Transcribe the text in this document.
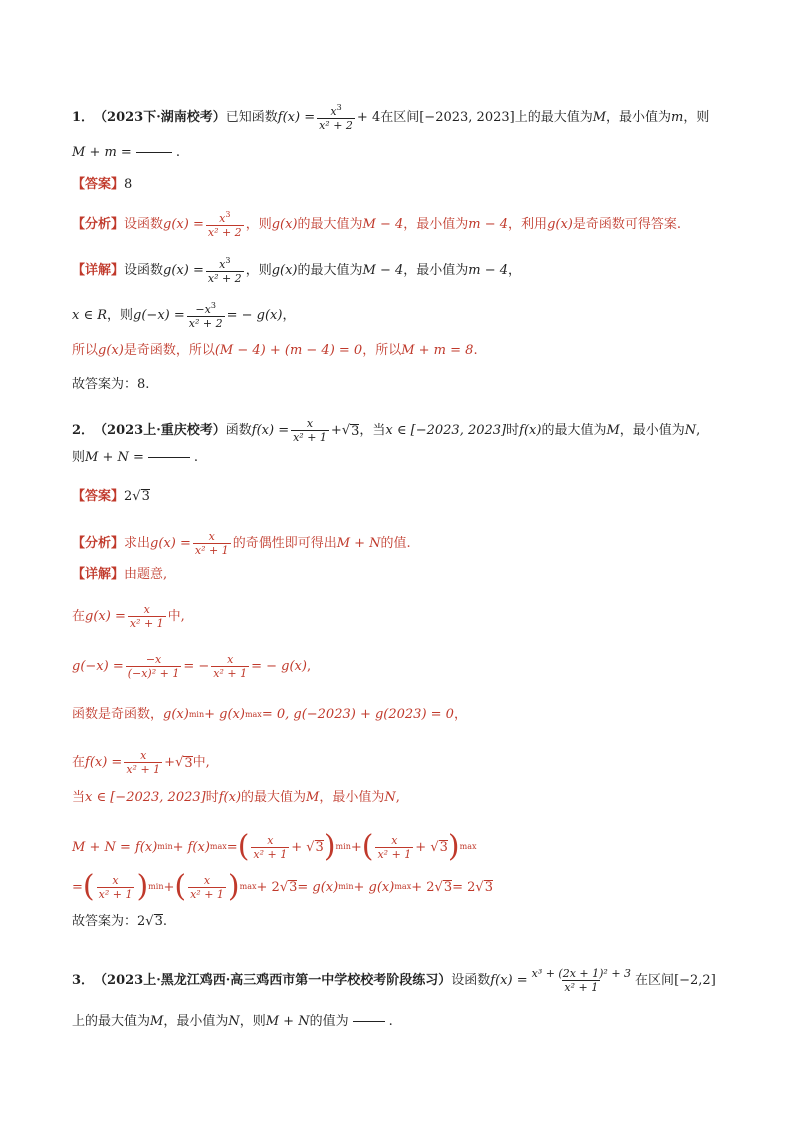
1． （2023下·湖南校考） 已知函数 $f(x) = \frac{x^3}{\text{x² + 2}} + 4$ 在区间 [−2023, 2023] 上的最大值为 M ，最小值为 m ，则
M + m =	.
【答案】 8
【分析】 设函数 $g(x) = \frac{x^3}{\text{x² + 2}}$ ，则 g(x) 的最大值为 M − 4 ，最小值为 m − 4 ，利用 g(x) 是奇函数可得答案.
【详解】 设函数 $g(x) = \frac{x^3}{\text{x² + 2}}$ ，则 g(x) 的最大值为 M − 4 ，最小值为 m − 4 ，
x ∈ R ，则 $g(-x) = \frac{-x^3}{\text{x² + 2}}$ = − g(x) ，
所以 g(x) 是奇函数，所以 (M − 4) + (m − 4) = 0 ，所以 M + m = 8 .
故答案为：8.
2． （2023上·重庆校考） 函数 $f(x) = \frac{x}{\text{x² + 1}}$ + √ 3 ，当 x ∈ [−2023, 2023] 时 f(x) 的最大值为 M ，最小值为 N ,
则 M + N =	.
【答案】 2 √ 3
【分析】 求出 $g(x) = \frac{x}{\text{x² + 1}}$ 的奇偶性即可得出 M + N 的值.
【详解】 由题意,
在 $g(x) = \frac{x}{\text{x² + 1}}$ 中,
$g(-x) = \frac{-x}{\text{(−x)² + 1}}$ = − $\frac{x}{\text{x² + 1}}$ = − g(x) ,
函数是奇函数， g(x) min + g(x) max = 0, g(−2023) + g(2023) = 0 ，
在 $f(x) = \frac{x}{\text{x² + 1}}$ + √ 3 中,
当 x ∈ [−2023, 2023] 时 f(x) 的最大值为 M ，最小值为 N ,
M + N = f(x) min + f(x) max = ( $\frac{x}{\text{x² + 1}}$ + √ 3 ) min + ( $\frac{x}{\text{x² + 1}}$ + √ 3 ) max
= ( $\frac{x}{\text{x² + 1}}$ ) min + ( $\frac{x}{\text{x² + 1}}$ ) max + 2 √ 3 = g(x) min + g(x) max + 2 √ 3 = 2 √ 3
故答案为： 2 √ 3 .
3． （2023上·黑龙江鸡西·高三鸡西市第一中学校校考阶段练习） 设函数 $f(x) = \frac{\text{x³ + (2x + 1)² + 3}}{\text{x² + 1}}$ 在区间 [−2,2]
上的最大值为 M ，最小值为 N ，则 M + N 的值为	.
